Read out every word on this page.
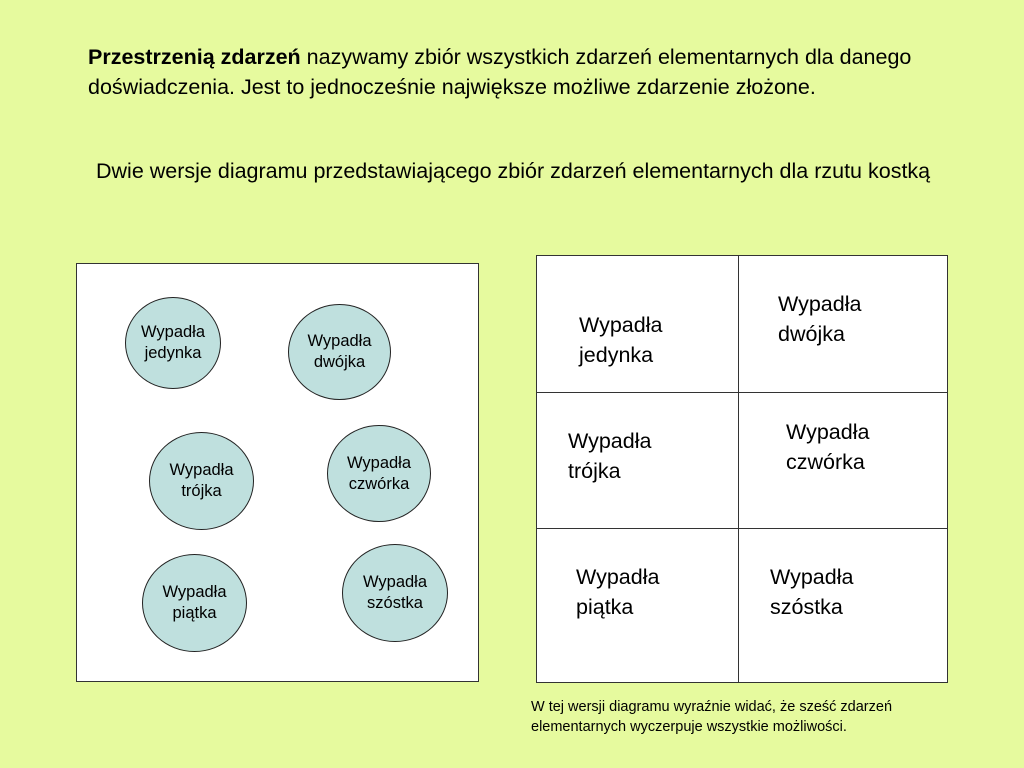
Przestrzenią zdarzeń nazywamy zbiór wszystkich zdarzeń elementarnych dla danego doświadczenia. Jest to jednocześnie największe możliwe zdarzenie złożone.
Dwie wersje diagramu przedstawiającego zbiór zdarzeń elementarnych dla rzutu kostką
Wypadła
jedynka
Wypadła
dwójka
Wypadła
trójka
Wypadła
czwórka
Wypadła
piątka
Wypadła
szóstka
Wypadła
jedynka
Wypadła
dwójka
Wypadła
trójka
Wypadła
czwórka
Wypadła
piątka
Wypadła
szóstka
W tej wersji diagramu wyraźnie widać, że sześć zdarzeń elementarnych wyczerpuje wszystkie możliwości.
